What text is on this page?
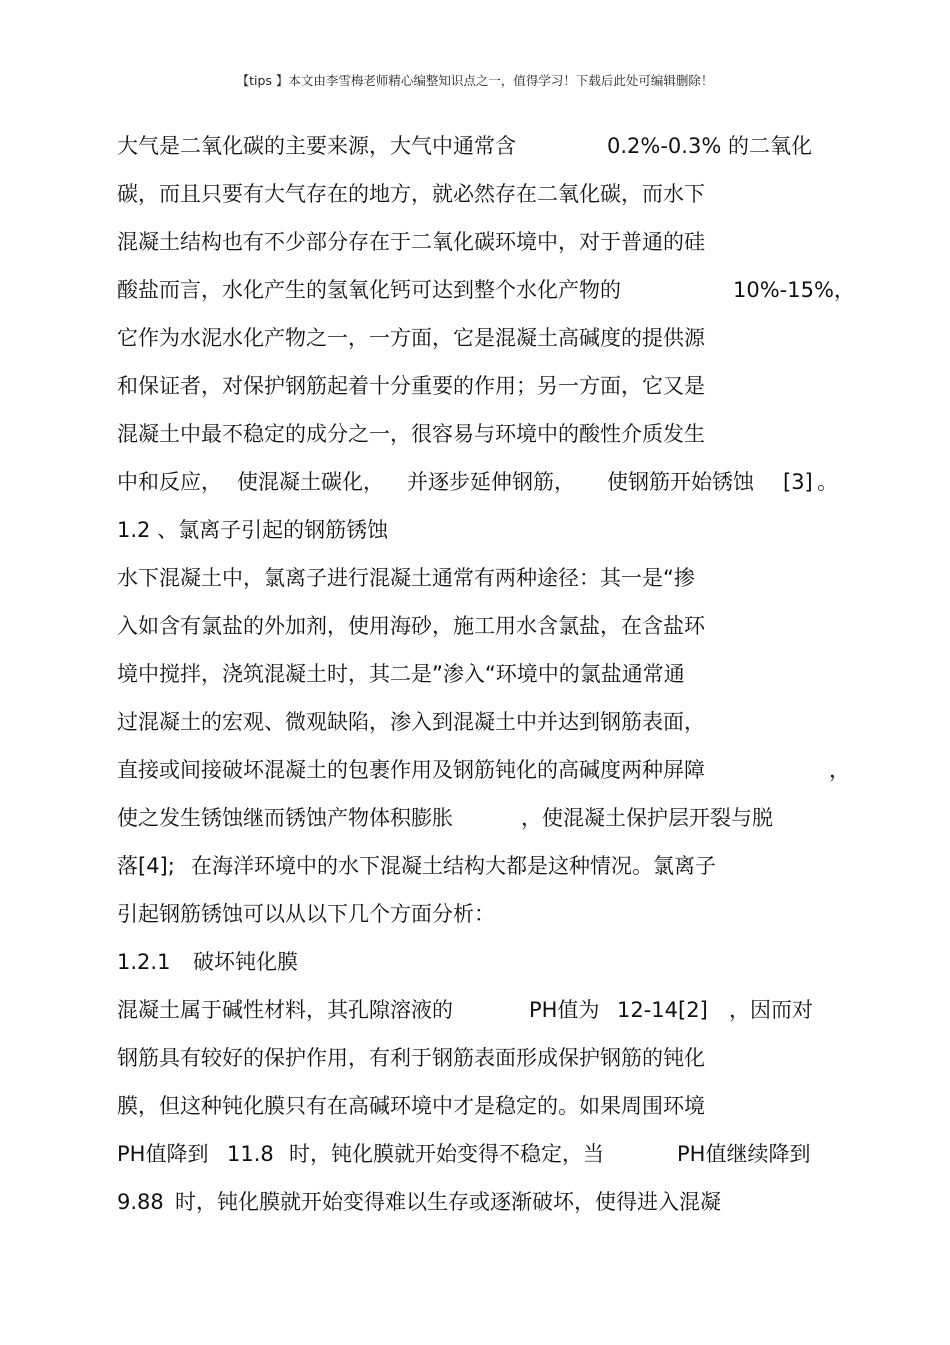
【tips 】本文由李雪梅老师精心编整知识点之一，值得学习！下载后此处可编辑删除！
大气是二氧化碳的主要来源，大气中通常含	0.2%-0.3% 的二氧化
碳，而且只要有大气存在的地方，就必然存在二氧化碳，而水下
混凝土结构也有不少部分存在于二氧化碳环境中，对于普通的硅
酸盐而言，水化产生的氢氧化钙可达到整个水化产物的	10%-15%，
它作为水泥水化产物之一，一方面，它是混凝土高碱度的提供源
和保证者，对保护钢筋起着十分重要的作用；另一方面，它又是
混凝土中最不稳定的成分之一，很容易与环境中的酸性介质发生
中和反应， 使混凝土碳化， 并逐步延伸钢筋， 使钢筋开始锈蚀 [3] 。
1.2 、氯离子引起的钢筋锈蚀
水下混凝土中，氯离子进行混凝土通常有两种途径：其一是“掺
入如含有氯盐的外加剂，使用海砂，施工用水含氯盐，在含盐环
境中搅拌，浇筑混凝土时，其二是”渗入“环境中的氯盐通常通
过混凝土的宏观、微观缺陷，渗入到混凝土中并达到钢筋表面，
直接或间接破坏混凝土的包裹作用及钢筋钝化的高碱度两种屏障	，
使之发生锈蚀继而锈蚀产物体积膨胀	，使混凝土保护层开裂与脱
落[4]; 在海洋环境中的水下混凝土结构大都是这种情况。氯离子
引起钢筋锈蚀可以从以下几个方面分析：
1.2.1 破坏钝化膜
混凝土属于碱性材料，其孔隙溶液的	PH值为 12-14[2] ，因而对
钢筋具有较好的保护作用，有利于钢筋表面形成保护钢筋的钝化
膜，但这种钝化膜只有在高碱环境中才是稳定的。如果周围环境
PH值降到 11.8 时，钝化膜就开始变得不稳定，当	PH值继续降到
9.88 时，钝化膜就开始变得难以生存或逐渐破坏，使得进入混凝
